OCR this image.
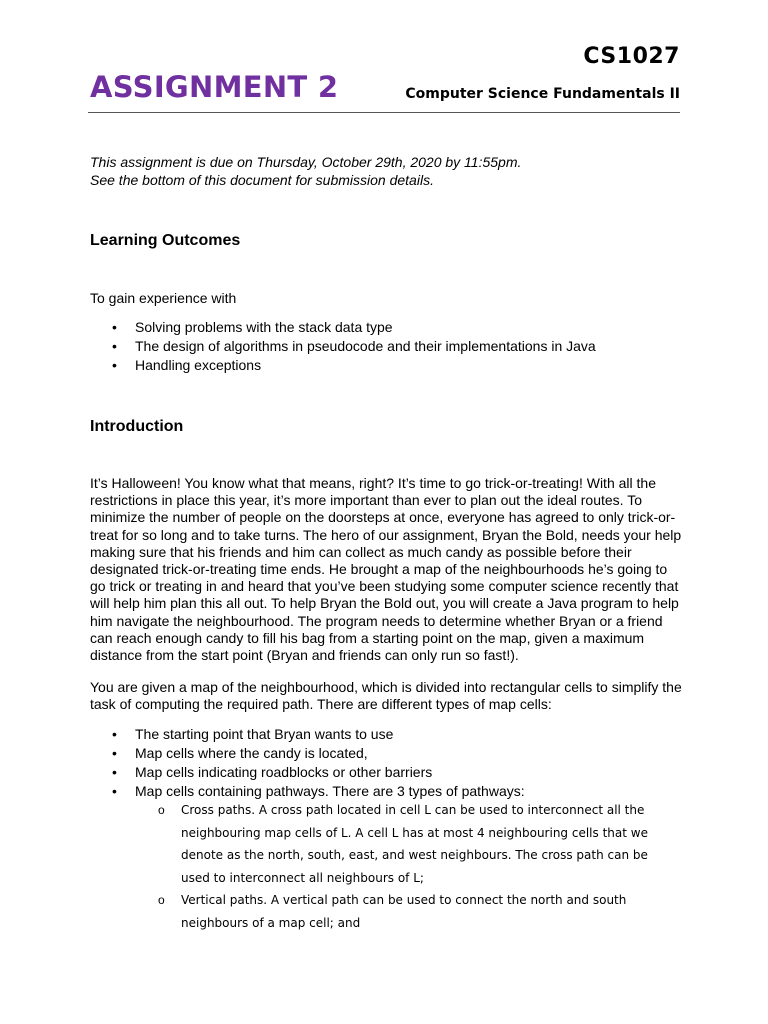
CS1027
ASSIGNMENT 2	Computer Science Fundamentals II
This assignment is due on Thursday, October 29th, 2020 by 11:55pm.
See the bottom of this document for submission details.
Learning Outcomes
To gain experience with
• Solving problems with the stack data type
• The design of algorithms in pseudocode and their implementations in Java
• Handling exceptions
Introduction
It’s Halloween! You know what that means, right? It’s time to go trick-or-treating! With all the
restrictions in place this year, it’s more important than ever to plan out the ideal routes. To
minimize the number of people on the doorsteps at once, everyone has agreed to only trick-or-
treat for so long and to take turns. The hero of our assignment, Bryan the Bold, needs your help
making sure that his friends and him can collect as much candy as possible before their
designated trick-or-treating time ends. He brought a map of the neighbourhoods he’s going to
go trick or treating in and heard that you’ve been studying some computer science recently that
will help him plan this all out. To help Bryan the Bold out, you will create a Java program to help
him navigate the neighbourhood. The program needs to determine whether Bryan or a friend
can reach enough candy to fill his bag from a starting point on the map, given a maximum
distance from the start point (Bryan and friends can only run so fast!).
You are given a map of the neighbourhood, which is divided into rectangular cells to simplify the
task of computing the required path. There are different types of map cells:
• The starting point that Bryan wants to use
• Map cells where the candy is located,
• Map cells indicating roadblocks or other barriers
• Map cells containing pathways. There are 3 types of pathways:
o Cross paths. A cross path located in cell L can be used to interconnect all the
neighbouring map cells of L. A cell L has at most 4 neighbouring cells that we
denote as the north, south, east, and west neighbours. The cross path can be
used to interconnect all neighbours of L;
o Vertical paths. A vertical path can be used to connect the north and south
neighbours of a map cell; and
